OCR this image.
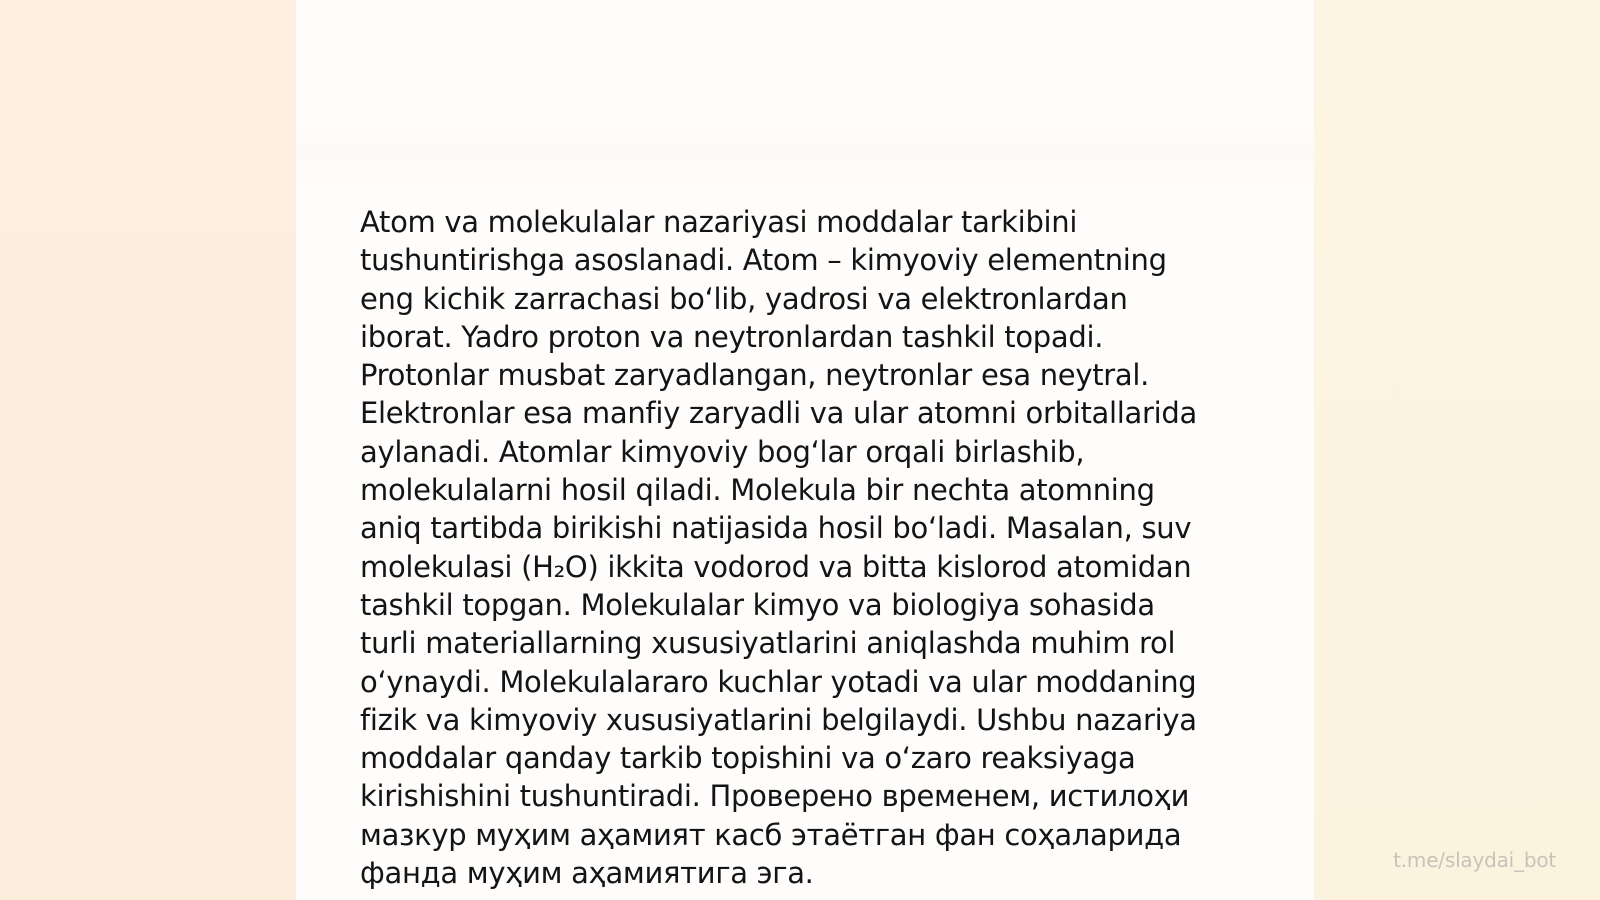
Atom va molekulalar nazariyasi moddalar tarkibini
tushuntirishga asoslanadi. Atom – kimyoviy elementning
eng kichik zarrachasi bo‘lib, yadrosi va elektronlardan
iborat. Yadro proton va neytronlardan tashkil topadi.
Protonlar musbat zaryadlangan, neytronlar esa neytral.
Elektronlar esa manfiy zaryadli va ular atomni orbitallarida
aylanadi. Atomlar kimyoviy bog‘lar orqali birlashib,
molekulalarni hosil qiladi. Molekula bir nechta atomning
aniq tartibda birikishi natijasida hosil bo‘ladi. Masalan, suv
molekulasi (H₂O) ikkita vodorod va bitta kislorod atomidan
tashkil topgan. Molekulalar kimyo va biologiya sohasida
turli materiallarning xususiyatlarini aniqlashda muhim rol
o‘ynaydi. Molekulalararo kuchlar yotadi va ular moddaning
fizik va kimyoviy xususiyatlarini belgilaydi. Ushbu nazariya
moddalar qanday tarkib topishini va o‘zaro reaksiyaga
kirishishini tushuntiradi. Проверено временем, истилоҳи
мазкур муҳим аҳамият касб этаётган фан соҳаларида
фанда муҳим аҳамиятига эга.	t.me/slaydai_bot
